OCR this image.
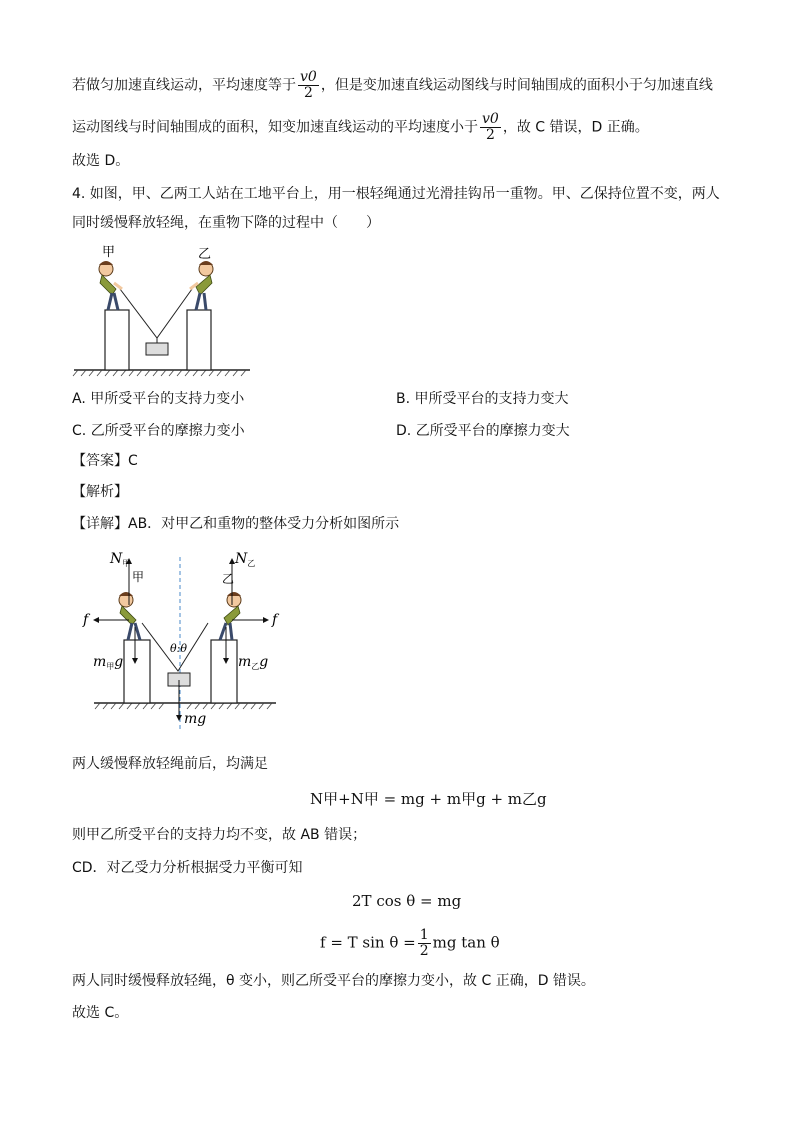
若做匀加速直线运动，平均速度等于 $\frac{v0}{2}$ ，但是变加速直线运动图线与时间轴围成的面积小于匀加速直线
运动图线与时间轴围成的面积，知变加速直线运动的平均速度小于 $\frac{v0}{2}$ ，故 C 错误，D 正确。
故选 D。
4. 如图，甲、乙两工人站在工地平台上，用一根轻绳通过光滑挂钩吊一重物。甲、乙保持位置不变，两人
同时缓慢释放轻绳，在重物下降的过程中（　　）
甲	乙
A. 甲所受平台的支持力变小	B. 甲所受平台的支持力变大
C. 乙所受平台的摩擦力变小	D. 乙所受平台的摩擦力变大
【答案】C
【解析】
【详解】AB．对甲乙和重物的整体受力分析如图所示
$N_甲$
甲
$N_乙$
乙
f	f
θ:θ
$m_甲g$	$m_乙g$
mg
两人缓慢释放轻绳前后，均满足
N甲+N甲 = mg + m甲g + m乙g
则甲乙所受平台的支持力均不变，故 AB 错误；
CD．对乙受力分析根据受力平衡可知
2T cos θ = mg
f = T $\sin \theta = \frac{1}{2}$ mg tan θ
两人同时缓慢释放轻绳，θ 变小，则乙所受平台的摩擦力变小，故 C 正确，D 错误。
故选 C。
